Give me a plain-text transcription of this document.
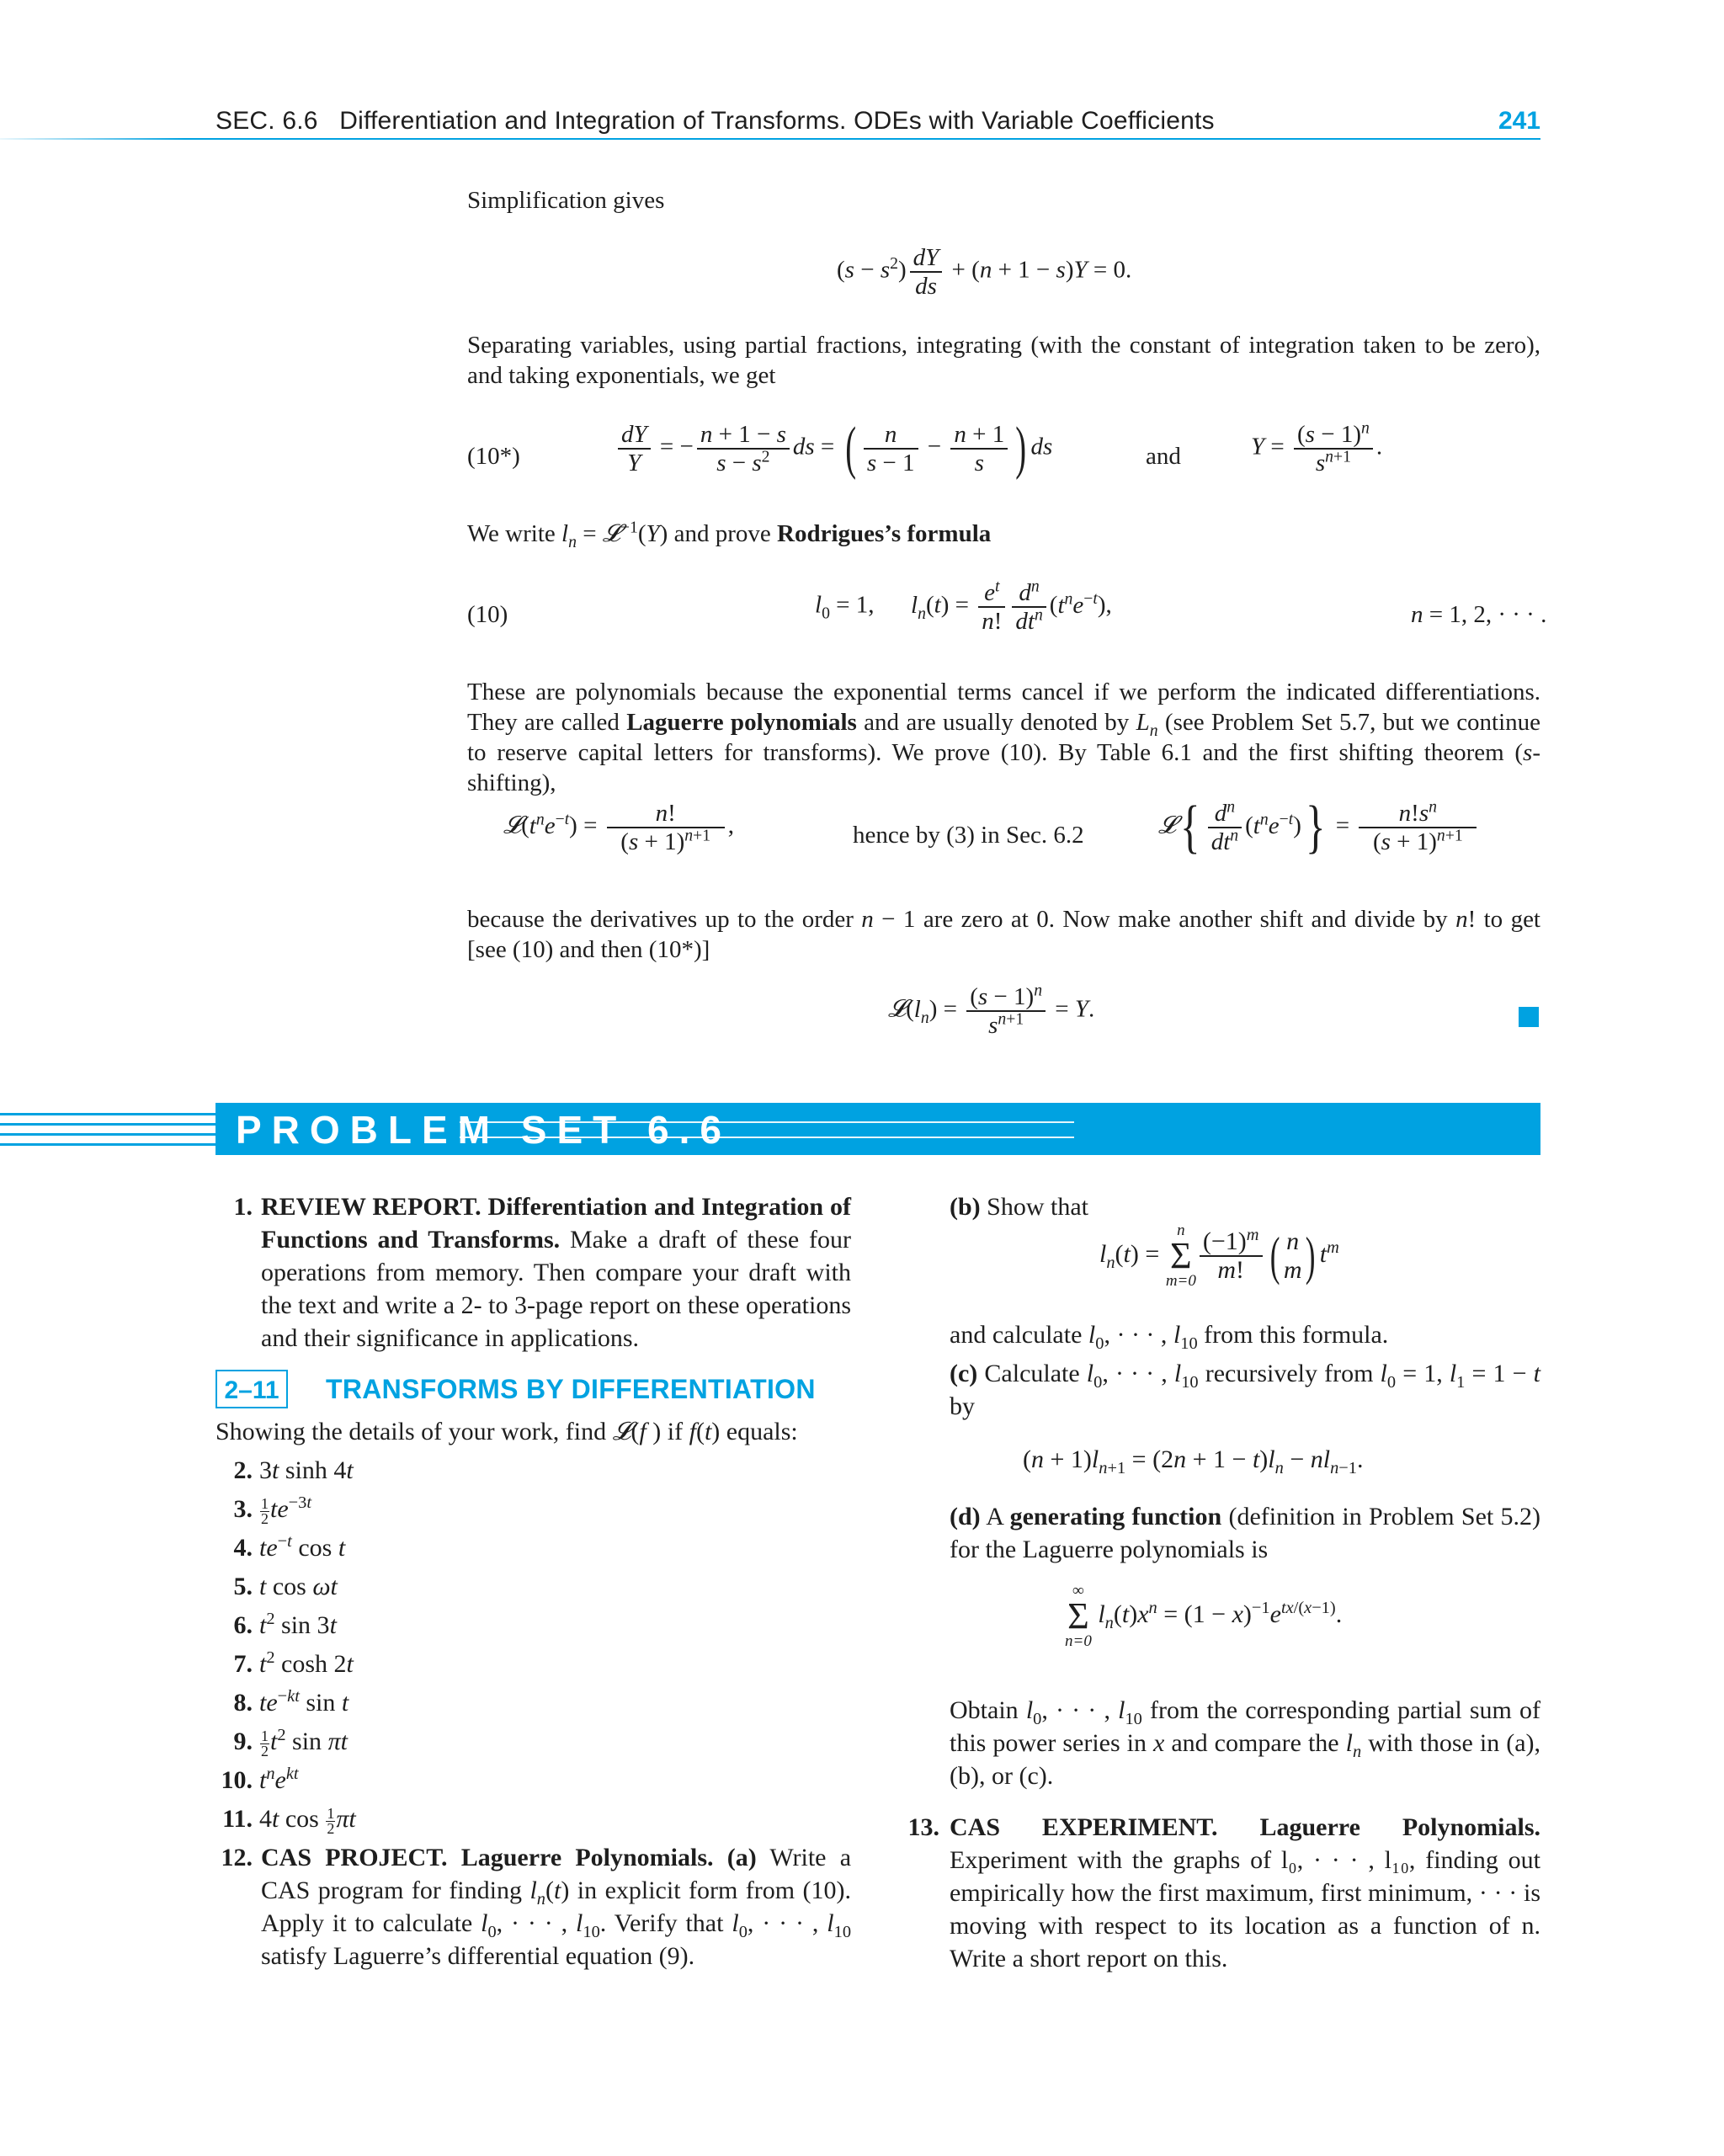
SEC. 6.6 Differentiation and Integration of Transforms. ODEs with Variable Coefficients	241
Simplification gives
$(s - s^2) \frac{dY}{ds} + (n + 1 - s)Y = 0$.
Separating variables, using partial fractions, integrating (with the constant of integration taken to be zero), and taking exponentials, we get
(10*)	$\frac{dY}{Y}$ = − $\frac{n + 1 - s}{s - s^2}$ ds = ( $\frac{n}{s - 1} - \frac{n + 1}{s}$ ) ds	and	$Y = \frac{(s - 1)^n}{s^{n+1}}$ .
We write $l_n$ = 𝓛$^{-1}$(Y) and prove Rodrigues’s formula
(10)	$l_0 = 1$,      $l_n(t) = \frac{e^t}{n!} \frac{d^n}{dt^n} (t^ne^{-t})$,	n = 1, 2, · · · .
These are polynomials because the exponential terms cancel if we perform the indicated differentiations. They are called Laguerre polynomials and are usually denoted by $L_n$ (see Problem Set 5.7, but we continue to reserve capital letters for transforms). We prove (10). By Table 6.1 and the first shifting theorem (s-shifting),
$𝓛(t^ne^{-t}) = \frac{n!}{(s + 1)^{n+1}}$ ,	hence by (3) in Sec. 6.2	𝓛{ $\frac{d^n}{dt^n} (t^ne^{-t})\} = \frac{n!s^n}{(s + 1)^{n+1}}$
because the derivatives up to the order n − 1 are zero at 0. Now make another shift and divide by n! to get [see (10) and then (10*)]
$𝓛(l_n) = \frac{(s - 1)^n}{s^{n+1}} = Y$.
PROBLEM SET 6.6
1. REVIEW REPORT. Differentiation and Integration of Functions and Transforms. Make a draft of these four operations from memory. Then compare your draft with the text and write a 2- to 3-page report on these operations and their significance in applications.
2–11	TRANSFORMS BY DIFFERENTIATION
Showing the details of your work, find 𝓛(f ) if f(t) equals:
2. 3t sinh 4t
3. $\frac{1}{2} te^{-3t}$
4. $te^{-t}$ cos t
5. t cos ωt
6. $t^2$ sin 3t
7. $t^2$ cosh 2t
8. $te^{-kt}$ sin t
9. $\frac{1}{2} t^2$ sin πt
10. $t^ne^{kt}$
11. 4t $\cos \frac{1}{2}$ πt
12. CAS PROJECT. Laguerre Polynomials. (a) Write a CAS program for finding $l_n(t)$ in explicit form from (10). Apply it to calculate $l_0$, · · · , $l_{10}$. Verify that $l_0$, · · · , $l_{10}$ satisfy Laguerre’s differential equation (9).
(b) Show that
$l_n(t)$ =
n
Σ
$m=0 \frac{(-1)^m}{m!}$ ( n
m ) $t^m$
and calculate $l_0$, · · · , $l_{10}$ from this formula.
(c) Calculate $l_0$, · · · , $l_{10}$ recursively from $l_0 = 1$, $l_1 = 1 - t$ by
$(n + 1)l_{n+1} = (2n + 1 - t)l_n - nl_{n-1}$.
(d) A generating function (definition in Problem Set 5.2) for the Laguerre polynomials is
∞
Σ
n=0
$l_n(t)x^n = (1 - x)^{-1}e^{tx/(x-1)}$.
Obtain $l_0$, · · · , $l_{10}$ from the corresponding partial sum of this power series in x and compare the $l_n$ with those in (a), (b), or (c).
13. CAS EXPERIMENT. Laguerre Polynomials. Experiment with the graphs of l₀, · · · , l₁₀, finding out empirically how the first maximum, first minimum, · · · is moving with respect to its location as a function of n. Write a short report on this.
